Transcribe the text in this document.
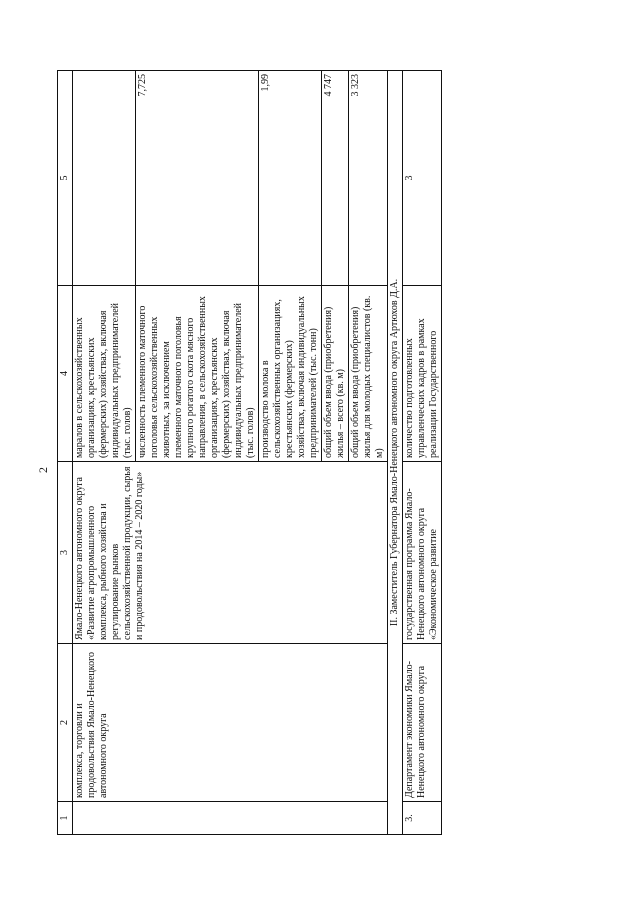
2
1	2	3	4	5
	комплекса, торговли и продовольствия Ямало-Ненецкого автономного округа	Ямало-Ненецкого автономного округа «Развитие агропромышленного комплекса, рыбного хозяйства и регулирование рынков сельскохозяйственной продукции, сырья и продовольствия на 2014 – 2020 годы»	маралов в сельскохозяйственных организациях, крестьянских (фермерских) хозяйствах, включая индивидуальных предпринимателей (тыс. голов)	
			численность племенного маточного поголовья сельскохозяйственных животных, за исключением племенного маточного поголовья крупного рогатого скота мясного направления, в сельскохозяйственных организациях, крестьянских (фермерских) хозяйствах, включая индивидуальных предпринимателей (тыс. голов)	7,725
			производство молока в сельскохозяйственных организациях, крестьянских (фермерских) хозяйствах, включая индивидуальных предпринимателей (тыс. тонн)	1,99
			общий объем ввода (приобретения) жилья – всего (кв. м)	4 747
			общий объем ввода (приобретения) жилья для молодых специалистов (кв. м)	3 323
II. Заместитель Губернатора Ямало-Ненецкого автономного округа Артюхов Д.А.				
3.	Департамент экономики Ямало-Ненецкого автономного округа	государственная программа Ямало-Ненецкого автономного округа «Экономическое развитие	количество подготовленных управленческих кадров в рамках реализации Государственного	3
